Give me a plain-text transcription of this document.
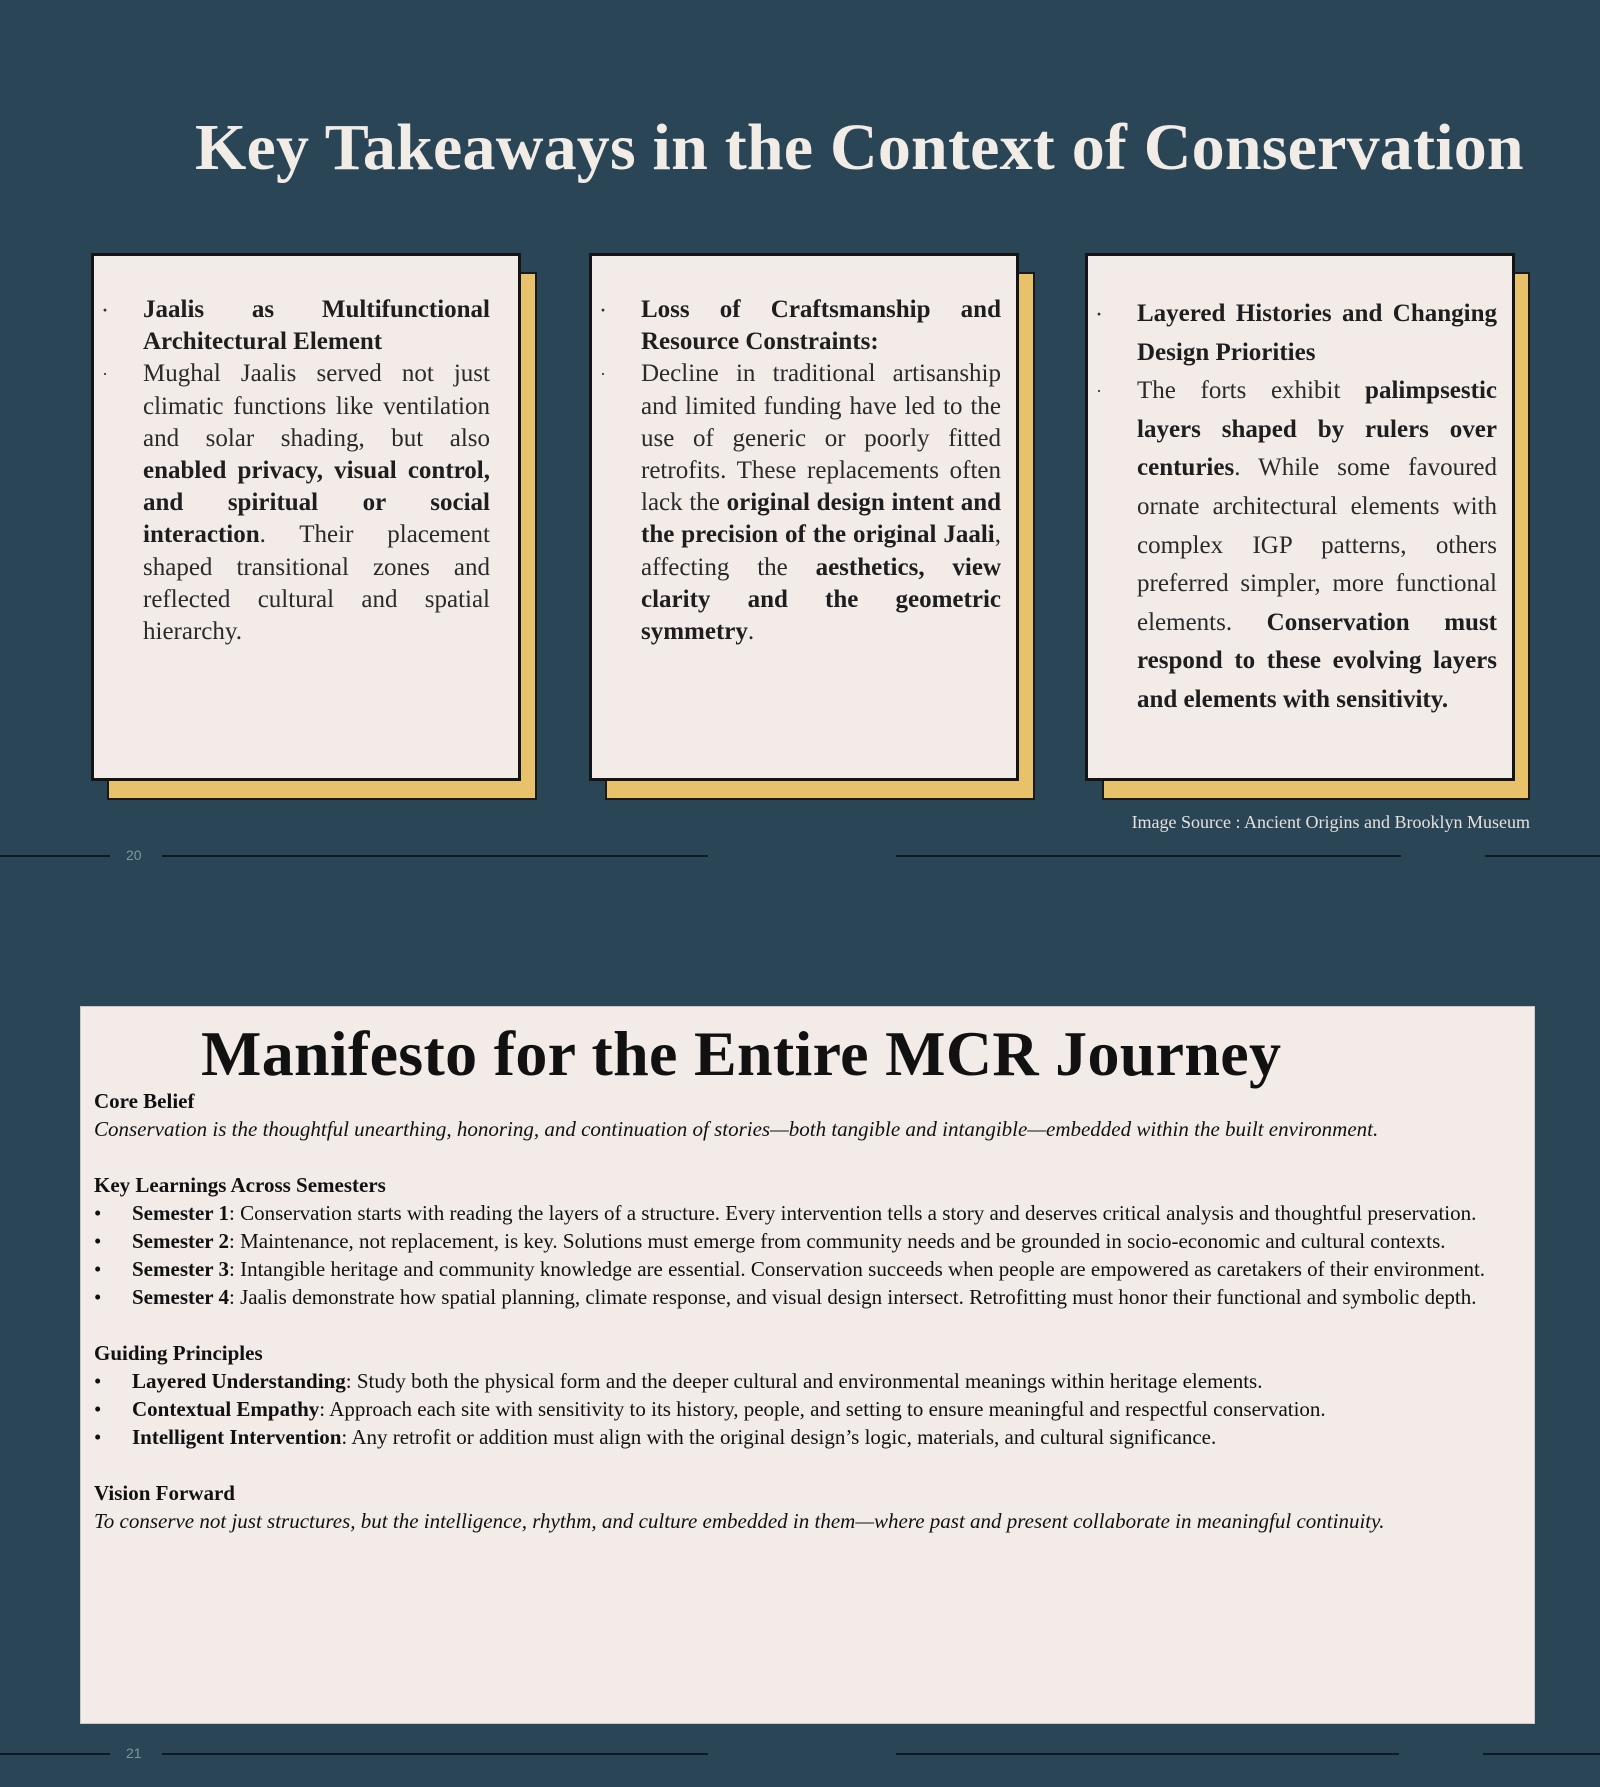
Key Takeaways in the Context of Conservation
· Jaalis as Multifunctional Architectural Element
· Mughal Jaalis served not just climatic functions like ventilation and solar shading, but also enabled privacy, visual control, and spiritual or social interaction. Their placement shaped transitional zones and reflected cultural and spatial hierarchy.
· Loss of Craftsmanship and Resource Constraints:
· Decline in traditional artisanship and limited funding have led to the use of generic or poorly fitted retrofits. These replacements often lack the original design intent and the precision of the original Jaali, affecting the aesthetics, view clarity and the geometric symmetry.
· Layered Histories and Changing Design Priorities
· The forts exhibit palimpsestic layers shaped by rulers over centuries. While some favoured ornate architectural elements with complex IGP patterns, others preferred simpler, more functional elements. Conservation must respond to these evolving layers and elements with sensitivity.
Image Source : Ancient Origins and Brooklyn Museum
20
Manifesto for the Entire MCR Journey
Core Belief
Conservation is the thoughtful unearthing, honoring, and continuation of stories—both tangible and intangible—embedded within the built environment.
Key Learnings Across Semesters
• Semester 1: Conservation starts with reading the layers of a structure. Every intervention tells a story and deserves critical analysis and thoughtful preservation.
• Semester 2: Maintenance, not replacement, is key. Solutions must emerge from community needs and be grounded in socio-economic and cultural contexts.
• Semester 3: Intangible heritage and community knowledge are essential. Conservation succeeds when people are empowered as caretakers of their environment.
• Semester 4: Jaalis demonstrate how spatial planning, climate response, and visual design intersect. Retrofitting must honor their functional and symbolic depth.
Guiding Principles
• Layered Understanding: Study both the physical form and the deeper cultural and environmental meanings within heritage elements.
• Contextual Empathy: Approach each site with sensitivity to its history, people, and setting to ensure meaningful and respectful conservation.
• Intelligent Intervention: Any retrofit or addition must align with the original design’s logic, materials, and cultural significance.
Vision Forward
To conserve not just structures, but the intelligence, rhythm, and culture embedded in them—where past and present collaborate in meaningful continuity.
21
